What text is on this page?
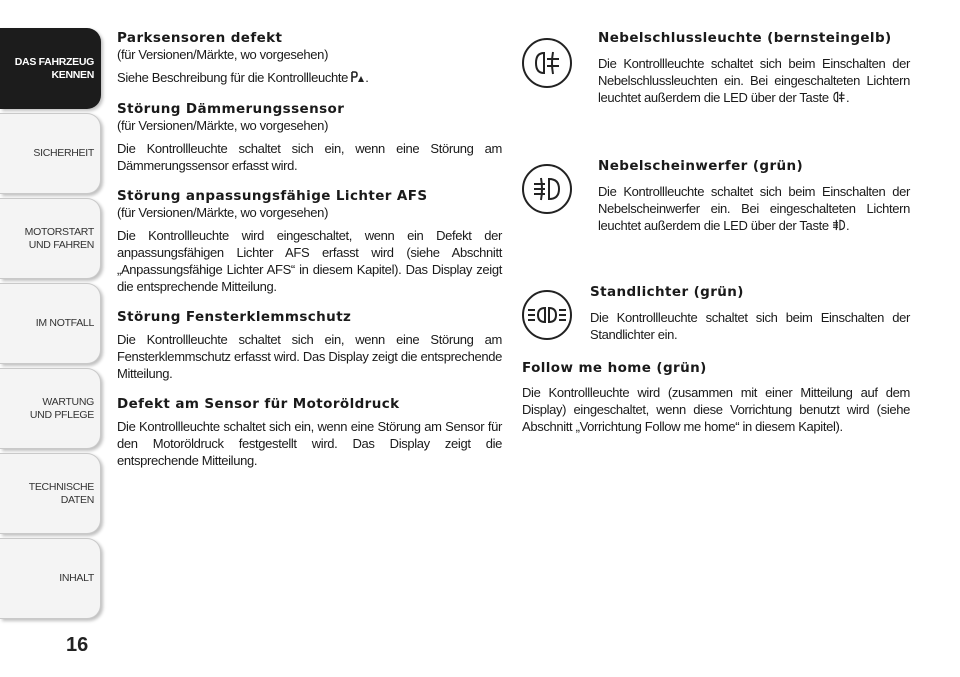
DAS FAHRZEUG
KENNEN
SICHERHEIT
MOTORSTART
UND FAHREN
IM NOTFALL
WARTUNG
UND PFLEGE
TECHNISCHE
DATEN
INHALT
16
Parksensoren defekt

(für Versionen/Märkte, wo vorgesehen)

Siehe Beschreibung für die Kontrollleuchte .

Störung Dämmerungssensor

(für Versionen/Märkte, wo vorgesehen)

Die Kontrollleuchte schaltet sich ein, wenn eine Störung am Dämmerungssensor erfasst wird.

Störung anpassungsfähige Lichter AFS

(für Versionen/Märkte, wo vorgesehen)

Die Kontrollleuchte wird eingeschaltet, wenn ein Defekt der anpassungsfähigen Lichter AFS erfasst wird (siehe Abschnitt „Anpassungsfähige Lichter AFS“ in diesem Kapitel). Das Display zeigt die entsprechende Mitteilung.

Störung Fensterklemmschutz

Die Kontrollleuchte schaltet sich ein, wenn eine Störung am Fensterklemmschutz erfasst wird. Das Display zeigt die entsprechende Mitteilung.

Defekt am Sensor für Motoröldruck

Die Kontrollleuchte schaltet sich ein, wenn eine Störung am Sensor für den Motoröldruck festgestellt wird. Das Display zeigt die entsprechende Mitteilung.

Nebelschlussleuchte (bernsteingelb)

Die Kontrollleuchte schaltet sich beim Einschalten der Nebelschlussleuchten ein. Bei eingeschalteten Lichtern leuchtet außerdem die LED über der Taste .

Nebelscheinwerfer (grün)

Die Kontrollleuchte schaltet sich beim Einschalten der Nebelscheinwerfer ein. Bei eingeschalteten Lichtern leuchtet außerdem die LED über der Taste .

Standlichter (grün)

Die Kontrollleuchte schaltet sich beim Einschalten der Standlichter ein.

Follow me home (grün)

Die Kontrollleuchte wird (zusammen mit einer Mitteilung auf dem Display) eingeschaltet, wenn diese Vorrichtung benutzt wird (siehe Abschnitt „Vorrichtung Follow me home“ in diesem Kapitel).
